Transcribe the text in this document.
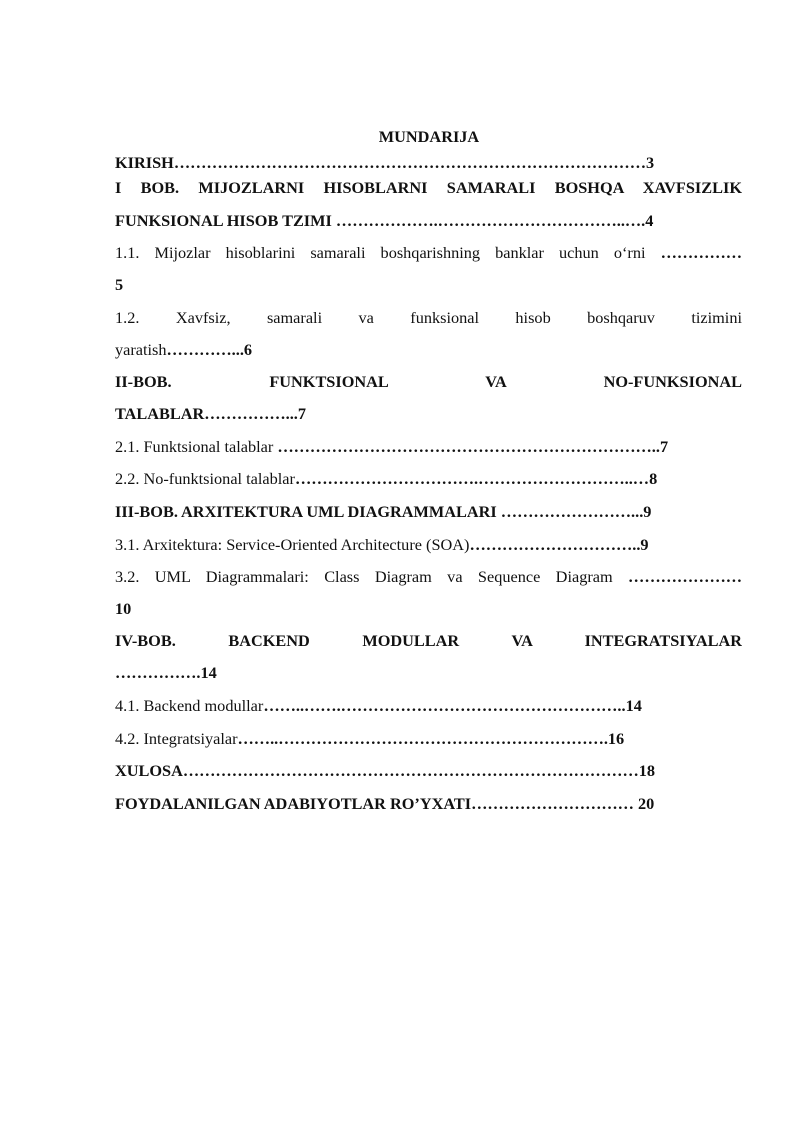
MUNDARIJA
KIRISH……………………………………………………………………………3
I BOB. MIJOZLARNI HISOBLARNI SAMARALI BOSHQA XAVFSIZLIK
FUNKSIONAL HISOB TZIMI ……………….……………………………..….4
1.1. Mijozlar hisoblarini samarali boshqarishning banklar uchun o‘rni ……………
5
1.2. Xavfsiz, samarali va funksional hisob boshqaruv tizimini
yaratish…………...6
II-BOB. FUNKTSIONAL VA NO-FUNKSIONAL
TALABLAR……………...7
2.1. Funktsional talablar ……………………………………………………………..7
2.2. No-funktsional talablar…………………………….………………………..…8
III-BOB. ARXITEKTURA UML DIAGRAMMALARI ……………………...9
3.1. Arxitektura: Service-Oriented Architecture (SOA)…………………………..9
3.2. UML Diagrammalari: Class Diagram va Sequence Diagram …………………
10
IV-BOB. BACKEND MODULLAR VA INTEGRATSIYALAR
…………….14
4.1. Backend modullar……..…….……………………………………………..14
4.2. Integratsiyalar……..…………………………………………………….16
XULOSA…………………………………………………………………………18
FOYDALANILGAN ADABIYOTLAR RO’YXATI………………………… 20
